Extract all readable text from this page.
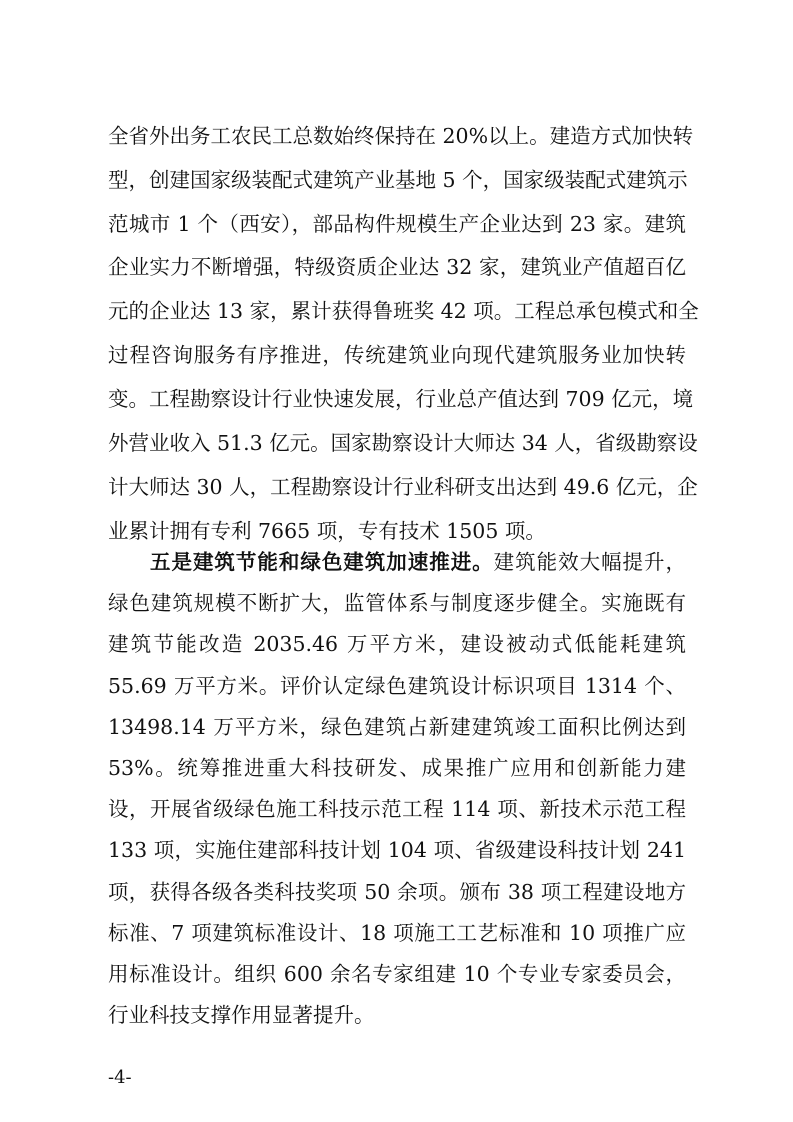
全省外出务工农民工总数始终保持在 20%以上。建造方式加快转
型，创建国家级装配式建筑产业基地 5 个，国家级装配式建筑示
范城市 1 个（西安），部品构件规模生产企业达到 23 家。建筑
企业实力不断增强，特级资质企业达 32 家，建筑业产值超百亿
元的企业达 13 家，累计获得鲁班奖 42 项。工程总承包模式和全
过程咨询服务有序推进，传统建筑业向现代建筑服务业加快转
变。工程勘察设计行业快速发展，行业总产值达到 709 亿元，境
外营业收入 51.3 亿元。国家勘察设计大师达 34 人，省级勘察设
计大师达 30 人，工程勘察设计行业科研支出达到 49.6 亿元，企
业累计拥有专利 7665 项，专有技术 1505 项。
五是建筑节能和绿色建筑加速推进。建筑能效大幅提升，
绿色建筑规模不断扩大，监管体系与制度逐步健全。实施既有
建筑节能改造 2035.46 万平方米，建设被动式低能耗建筑
55.69 万平方米。评价认定绿色建筑设计标识项目 1314 个、
13498.14 万平方米，绿色建筑占新建建筑竣工面积比例达到
53%。统筹推进重大科技研发、成果推广应用和创新能力建
设，开展省级绿色施工科技示范工程 114 项、新技术示范工程
133 项，实施住建部科技计划 104 项、省级建设科技计划 241
项，获得各级各类科技奖项 50 余项。颁布 38 项工程建设地方
标准、7 项建筑标准设计、18 项施工工艺标准和 10 项推广应
用标准设计。组织 600 余名专家组建 10 个专业专家委员会，
行业科技支撑作用显著提升。
-4-
